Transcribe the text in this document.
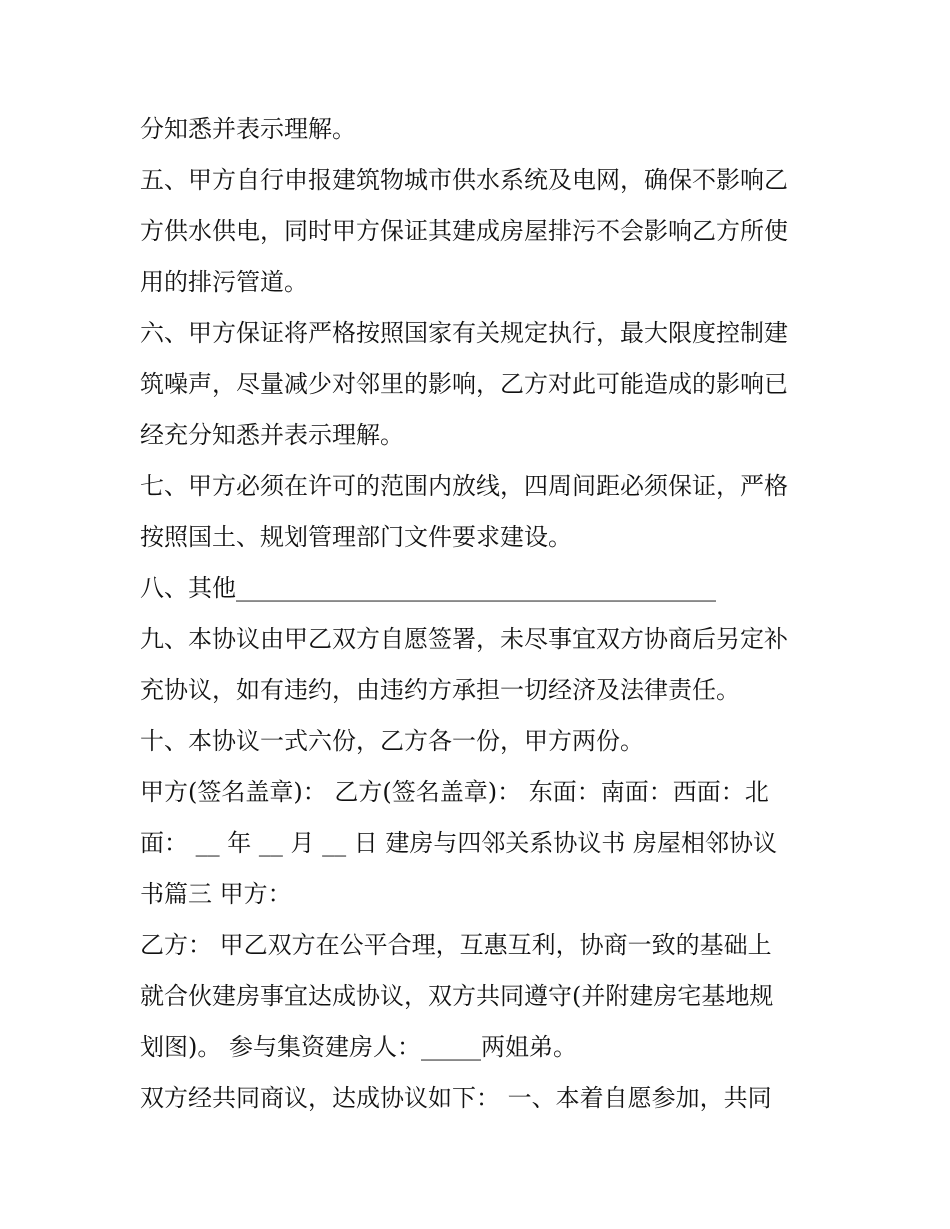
分知悉并表示理解。
五、甲方自行申报建筑物城市供水系统及电网，确保不影响乙
方供水供电，同时甲方保证其建成房屋排污不会影响乙方所使
用的排污管道。
六、甲方保证将严格按照国家有关规定执行，最大限度控制建
筑噪声，尽量减少对邻里的影响，乙方对此可能造成的影响已
经充分知悉并表示理解。
七、甲方必须在许可的范围内放线，四周间距必须保证，严格
按照国土、规划管理部门文件要求建设。
八、其他________________________________________
九、本协议由甲乙双方自愿签署，未尽事宜双方协商后另定补
充协议，如有违约，由违约方承担一切经济及法律责任。
十、本协议一式六份，乙方各一份，甲方两份。
甲方(签名盖章)： 乙方(签名盖章)： 东面：南面：西面：北
面： __ 年 __ 月 __ 日 建房与四邻关系协议书 房屋相邻协议
书篇三 甲方：
乙方： 甲乙双方在公平合理，互惠互利，协商一致的基础上
就合伙建房事宜达成协议，双方共同遵守(并附建房宅基地规
划图)。 参与集资建房人：_____两姐弟。
双方经共同商议，达成协议如下： 一、本着自愿参加，共同
